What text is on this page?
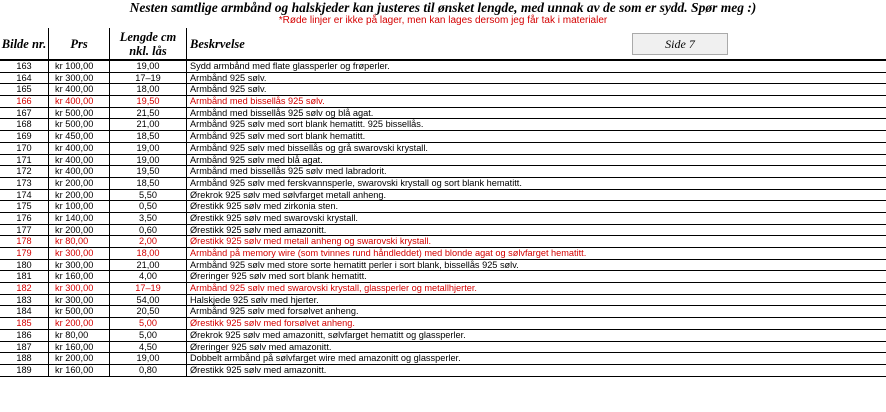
Nesten samtlige armbånd og halskjeder kan justeres til ønsket lengde, med unnak av de som er sydd. Spør meg :)
*Røde linjer er ikke på lager, men kan lages dersom jeg får tak i materialer
Bilde nr.	Prs	Lengde cm nkl. lås	Beskrvelse	Side 7
163	kr 100,00	19,00	Sydd armbånd med flate glassperler og frøperler.
164	kr 300,00	17–19	Armbånd 925 sølv.
165	kr 400,00	18,00	Armbånd 925 sølv.
166	kr 400,00	19,50	Armbånd med bissellås 925 sølv.
167	kr 500,00	21,50	Armbånd med bissellås 925 sølv og blå agat.
168	kr 500,00	21,00	Armbånd 925 sølv med sort blank hematitt. 925 bissellås.
169	kr 450,00	18,50	Armbånd 925 sølv med sort blank hematitt.
170	kr 400,00	19,00	Armbånd 925 sølv med bissellås og grå swarovski krystall.
171	kr 400,00	19,00	Armbånd 925 sølv med blå agat.
172	kr 400,00	19,50	Armbånd med bissellås 925 sølv med labradorit.
173	kr 200,00	18,50	Armbånd 925 sølv med ferskvannsperle, swarovski krystall og sort blank hematitt.
174	kr 200,00	5,50	Ørekrok 925 sølv med sølvfarget metall anheng.
175	kr 100,00	0,50	Ørestikk 925 sølv med zirkonia sten.
176	kr 140,00	3,50	Ørestikk 925 sølv med swarovski krystall.
177	kr 200,00	0,60	Ørestikk 925 sølv med amazonitt.
178	kr 80,00	2,00	Ørestikk 925 sølv med metall anheng og swarovski krystall.
179	kr 300,00	18,00	Armbånd på memory wire (som tvinnes rund håndleddet) med blonde agat og sølvfarget hematitt.
180	kr 300,00	21,00	Armbånd 925 sølv med store sorte hematitt perler i sort blank, bissellås 925 sølv.
181	kr 160,00	4,00	Øreringer 925 sølv med sort blank hematitt.
182	kr 300,00	17–19	Armbånd 925 sølv med swarovski krystall, glassperler og metallhjerter.
183	kr 300,00	54,00	Halskjede 925 sølv med hjerter.
184	kr 500,00	20,50	Armbånd 925 sølv med forsølvet anheng.
185	kr 200,00	5,00	Ørestikk 925 sølv med forsølvet anheng.
186	kr 80,00	5,00	Ørekrok 925 sølv med amazonitt, sølvfarget hematitt og glassperler.
187	kr 160,00	4,50	Øreringer 925 sølv med amazonitt.
188	kr 200,00	19,00	Dobbelt armbånd på sølvfarget wire med amazonitt og glassperler.
189	kr 160,00	0,80	Ørestikk 925 sølv med amazonitt.
